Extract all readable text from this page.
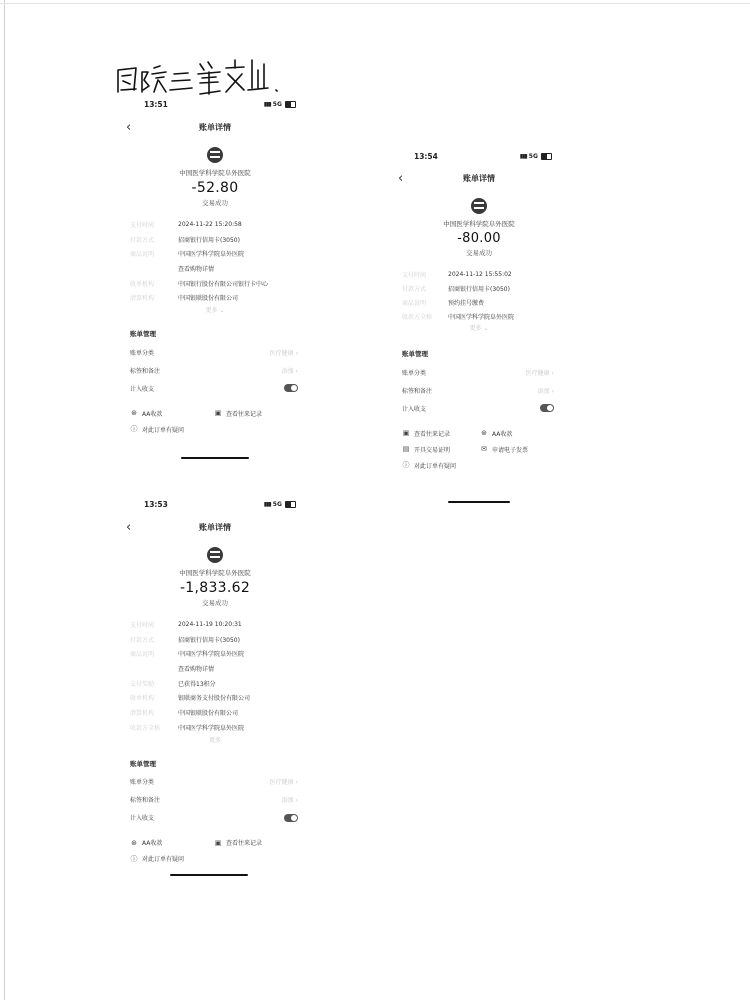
13:51	▮▮▮ 5G
‹	账单详情
中国医学科学院阜外医院
-52.80
交易成功
支付时间	2024-11-22 15:20:58
付款方式	招商银行信用卡(3050)
商品说明	中国医学科学院阜外医院
查看购物详情
收单机构	中国银行股份有限公司银行卡中心
清算机构	中国银联股份有限公司
更多 ⌄
账单管理
账单分类	医疗健康 ›
标签和备注	添加 ›
计入收支
⊛ AA收款	▣ 查看往来记录
ⓘ 对此订单有疑问
13:54	▮▮▮ 5G
‹	账单详情
中国医学科学院阜外医院
-80.00
交易成功
支付时间	2024-11-12 15:55:02
付款方式	招商银行信用卡(3050)
商品说明	预约挂号缴费
收款方全称	中国医学科学院阜外医院
更多 ⌄
账单管理
账单分类	医疗健康 ›
标签和备注	添加 ›
计入收支
▣ 查看往来记录	⊛ AA收款
▤ 开具交易证明	✉ 申请电子发票
ⓘ 对此订单有疑问
13:53	▮▮▮ 5G
‹	账单详情
中国医学科学院阜外医院
-1,833.62
交易成功
支付时间	2024-11-19 10:20:31
付款方式	招商银行信用卡(3050)
商品说明	中国医学科学院阜外医院
查看购物详情
支付奖励	已获得13积分
收单机构	银联商务支付股份有限公司
清算机构	中国银联股份有限公司
收款方全称	中国医学科学院阜外医院
更多
账单管理
账单分类	医疗健康 ›
标签和备注	添加 ›
计入收支
⊛ AA收款	▣ 查看往来记录
ⓘ 对此订单有疑问
